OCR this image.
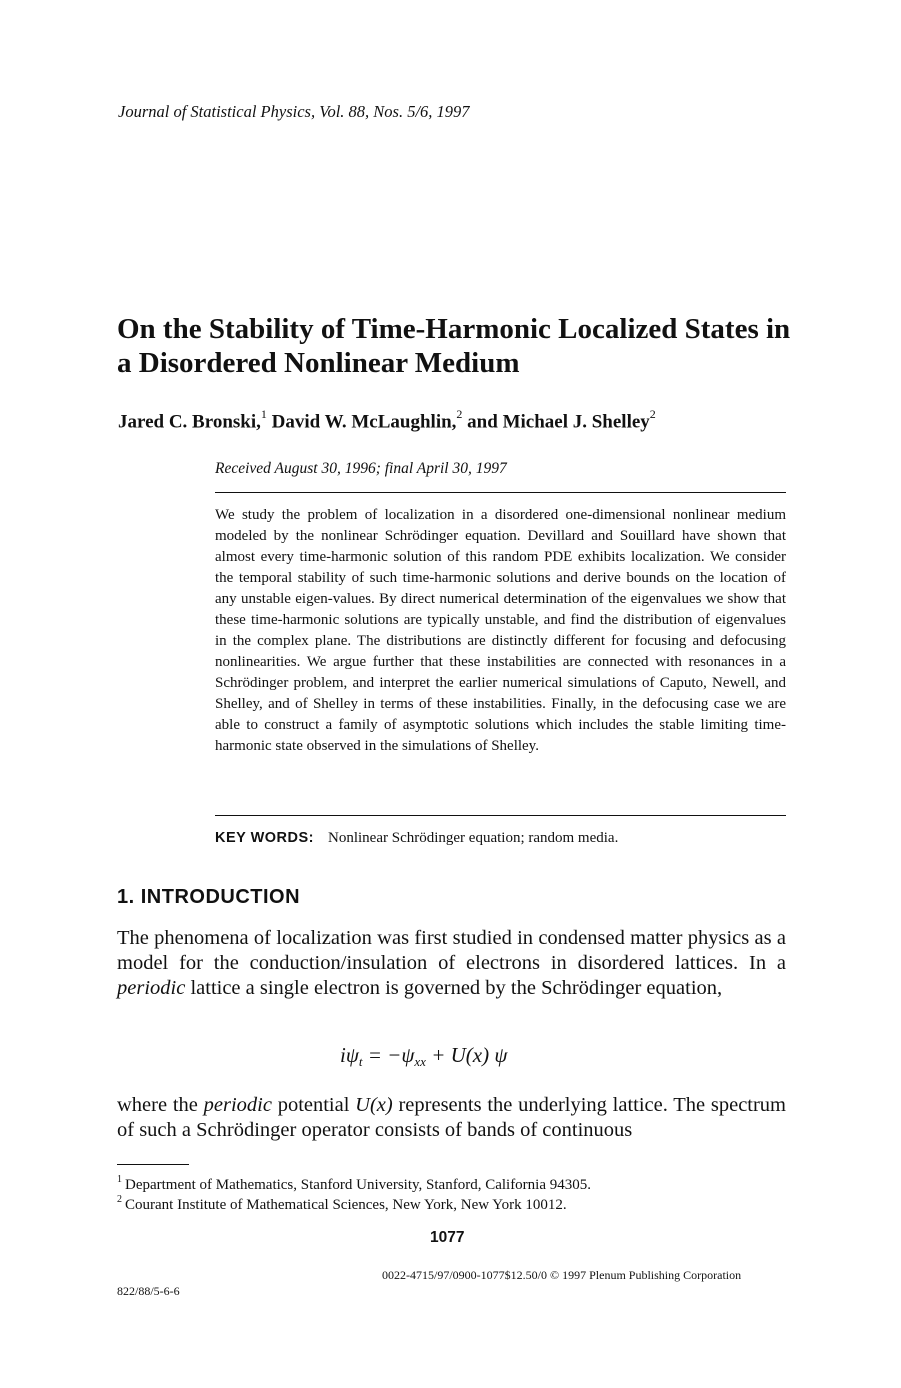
Journal of Statistical Physics, Vol. 88, Nos. 5/6, 1997
On the Stability of Time-Harmonic Localized States in a Disordered Nonlinear Medium
Jared C. Bronski,$^1$ David W. McLaughlin,$^2$ and Michael J. Shelley$^2$
Received August 30, 1996; final April 30, 1997

We study the problem of localization in a disordered one-dimensional nonlinear medium modeled by the nonlinear Schrödinger equation. Devillard and Souillard have shown that almost every time-harmonic solution of this random PDE exhibits localization. We consider the temporal stability of such time-harmonic solutions and derive bounds on the location of any unstable eigen-values. By direct numerical determination of the eigenvalues we show that these time-harmonic solutions are typically unstable, and find the distribution of eigenvalues in the complex plane. The distributions are distinctly different for focusing and defocusing nonlinearities. We argue further that these instabilities are connected with resonances in a Schrödinger problem, and interpret the earlier numerical simulations of Caputo, Newell, and Shelley, and of Shelley in terms of these instabilities. Finally, in the defocusing case we are able to construct a family of asymptotic solutions which includes the stable limiting time-harmonic state observed in the simulations of Shelley.

KEY WORDS: Nonlinear Schrödinger equation; random media.
1. INTRODUCTION

The phenomena of localization was first studied in condensed matter physics as a model for the conduction/insulation of electrons in disordered lattices. In a periodic lattice a single electron is governed by the Schrödinger equation,

$i\psi_t = -\psi_{xx} + U(x)$ ψ

where the periodic potential U(x) represents the underlying lattice. The spectrum of such a Schrödinger operator consists of bands of continuous

$^1$ Department of Mathematics, Stanford University, Stanford, California 94305.
$^2$ Courant Institute of Mathematical Sciences, New York, New York 10012.
1077
0022-4715/97/0900-1077$12.50/0 © 1997 Plenum Publishing Corporation
822/88/5-6-6
